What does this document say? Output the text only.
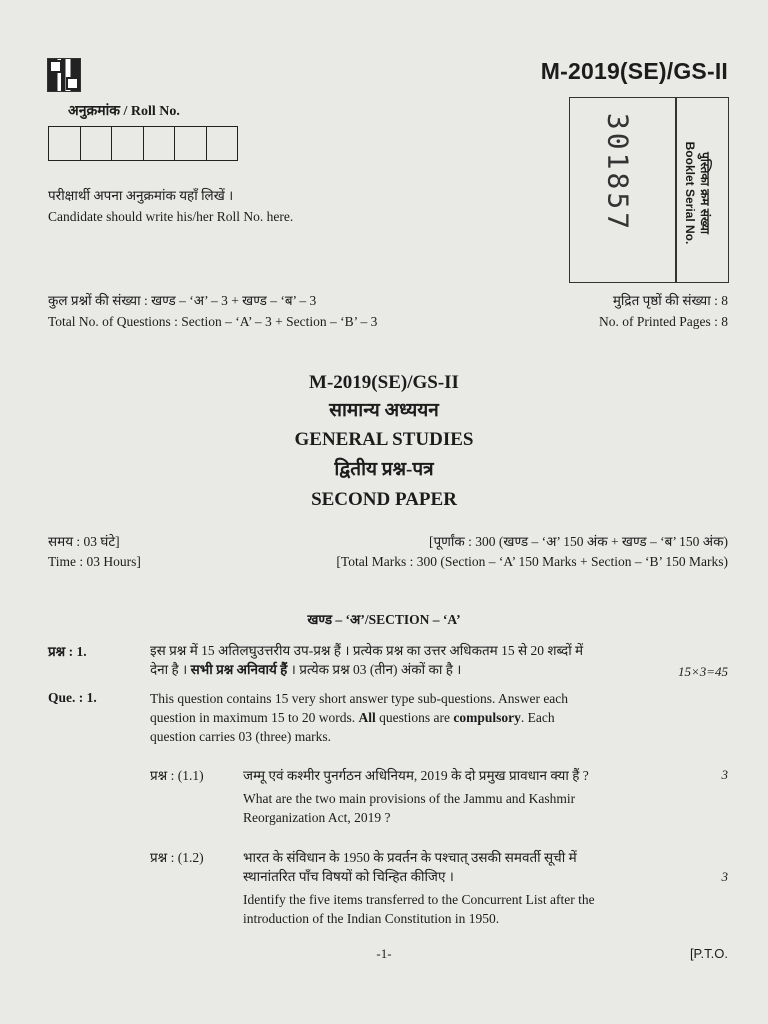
M-2019(SE)/GS-II
अनुक्रमांक / Roll No.
परीक्षार्थी अपना अनुक्रमांक यहाँ लिखें ।
Candidate should write his/her Roll No. here.	301857	पुस्तिका क्रम संख्या
Booklet Serial No.
कुल प्रश्नों की संख्या : खण्ड – ‘अ’ – 3 + खण्ड – ‘ब’ – 3
Total No. of Questions : Section – ‘A’ – 3 + Section – ‘B’ – 3
मुद्रित पृष्ठों की संख्या : 8
No. of Printed Pages : 8
M-2019(SE)/GS-II
सामान्य अध्ययन
GENERAL STUDIES
द्वितीय प्रश्न-पत्र
SECOND PAPER
समय : 03 घंटे]
Time : 03 Hours]
[पूर्णांक : 300 (खण्ड – ‘अ’ 150 अंक + खण्ड – ‘ब’ 150 अंक)
[Total Marks : 300 (Section – ‘A’ 150 Marks + Section – ‘B’ 150 Marks)
खण्ड – ‘अ’/SECTION – ‘A’
प्रश्न : 1.	इस प्रश्न में 15 अतिलघुउत्तरीय उप-प्रश्न हैं । प्रत्येक प्रश्न का उत्तर अधिकतम 15 से 20 शब्दों में
देना है । सभी प्रश्न अनिवार्य हैं । प्रत्येक प्रश्न 03 (तीन) अंकों का है ।	15×3=45
Que. : 1.	This question contains 15 very short answer type sub-questions. Answer each
question in maximum 15 to 20 words. All questions are compulsory. Each
question carries 03 (three) marks.
प्रश्न : (1.1)	जम्मू एवं कश्मीर पुनर्गठन अधिनियम, 2019 के दो प्रमुख प्रावधान क्या हैं ?
What are the two main provisions of the Jammu and Kashmir
Reorganization Act, 2019 ?
3
प्रश्न : (1.2)	भारत के संविधान के 1950 के प्रवर्तन के पश्चात् उसकी समवर्ती सूची में
स्थानांतरित पाँच विषयों को चिन्हित कीजिए ।
Identify the five items transferred to the Concurrent List after the
introduction of the Indian Constitution in 1950.
3
-1-	[P.T.O.
